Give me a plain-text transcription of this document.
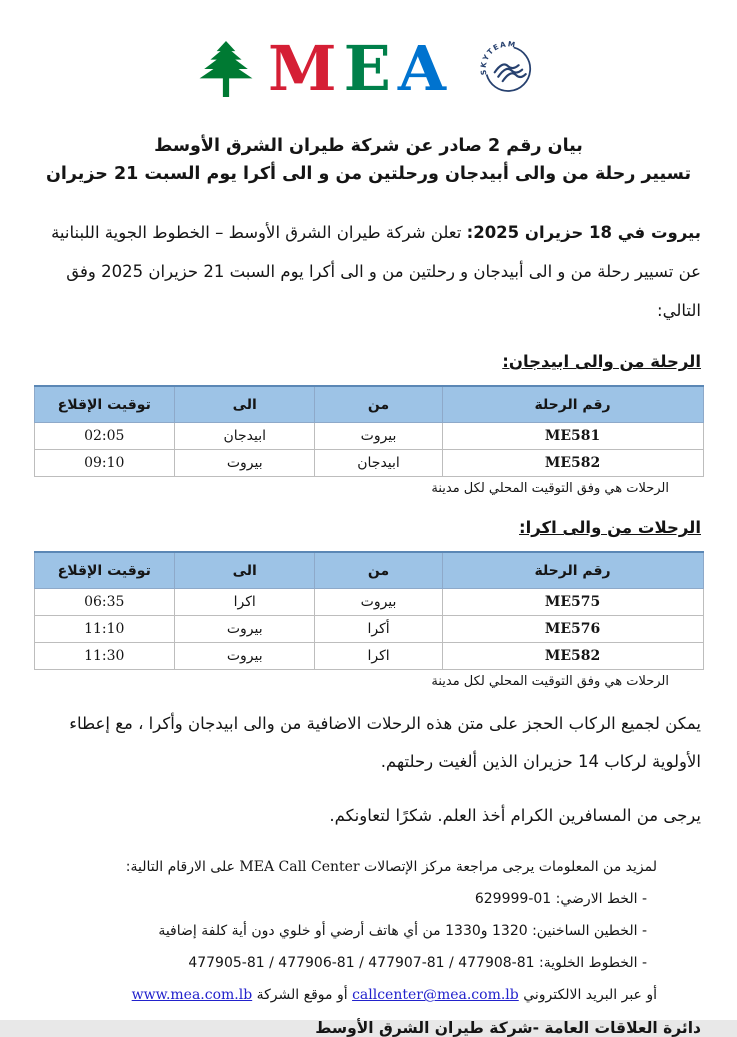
M E A	SKYTEAM
بيان رقم 2 صادر عن شركة طيران الشرق الأوسط
تسيير رحلة من والى أبيدجان ورحلتين من و الى أكرا يوم السبت 21 حزيران

بيروت في 18 حزيران 2025: تعلن شركة طيران الشرق الأوسط – الخطوط الجوية اللبنانية عن تسيير رحلة من و الى أبيدجان و رحلتين من و الى أكرا يوم السبت 21 حزيران 2025 وفق التالي:

الرحلة من والى ابيدجان:
رقم الرحلة	من	الى	توقيت الإقلاع
ME581	بيروت	ابيدجان	02:05
ME582	ابيدجان	بيروت	09:10
الرحلات هي وفق التوقيت المحلي لكل مدينة
الرحلات من والى اكرا:
رقم الرحلة	من	الى	توقيت الإقلاع
ME575	بيروت	اكرا	06:35
ME576	أكرا	بيروت	11:10
ME582	اكرا	بيروت	11:30
الرحلات هي وفق التوقيت المحلي لكل مدينة

يمكن لجميع الركاب الحجز على متن هذه الرحلات الاضافية من والى ابيدجان وأكرا ، مع إعطاء الأولوية لركاب 14 حزيران الذين ألغيت رحلتهم.

يرجى من المسافرين الكرام أخذ العلم. شكرًا لتعاونكم.

لمزيد من المعلومات يرجى مراجعة مركز الإتصالات MEA Call Center على الارقام التالية:

- الخط الارضي: 01-629999

- الخطين الساخنين: 1320 و1330 من أي هاتف أرضي أو خلوي دون أية كلفة إضافية

- الخطوط الخلوية: 81-477908 / 81-477907 / 81-477906 / 81-477905

أو عبر البريد الالكتروني callcenter@mea.com.lb أو موقع الشركة www.mea.com.lb

دائرة العلاقات العامة -شركة طيران الشرق الأوسط
